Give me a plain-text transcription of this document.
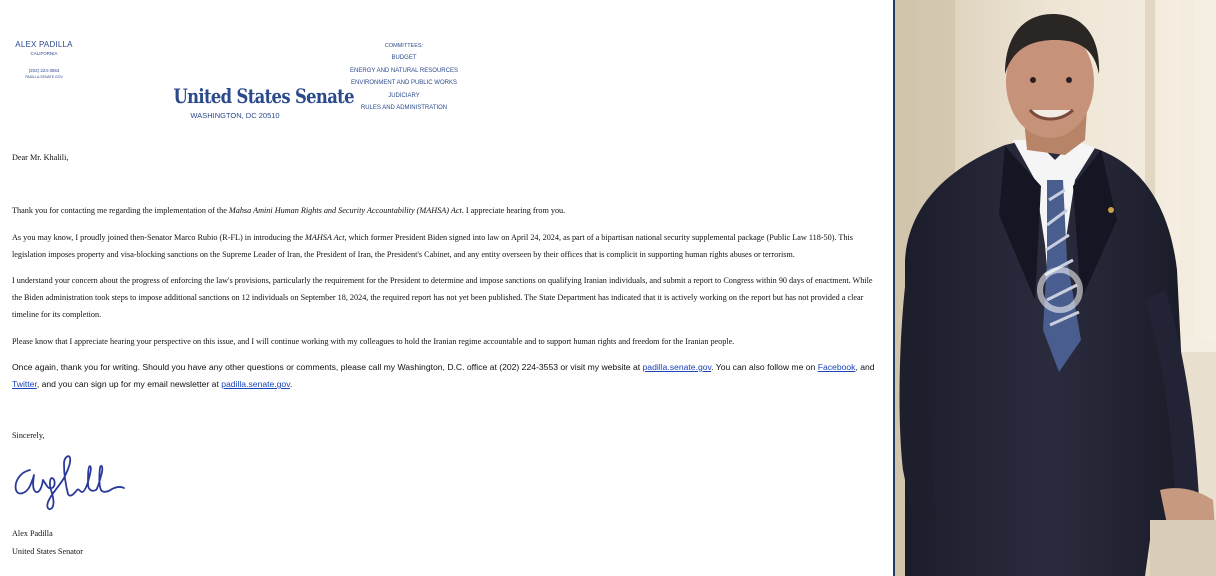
ALEX PADILLA
CALIFORNIA
(202) 224-3553
PADILLA.SENATE.GOV
United States Senate
WASHINGTON, DC 20510
COMMITTEES:
BUDGET
ENERGY AND NATURAL RESOURCES
ENVIRONMENT AND PUBLIC WORKS
JUDICIARY
RULES AND ADMINISTRATION
Dear Mr. Khalili,
Thank you for contacting me regarding the implementation of the Mahsa Amini Human Rights and Security Accountability (MAHSA) Act. I appreciate hearing from you.
As you may know, I proudly joined then-Senator Marco Rubio (R-FL) in introducing the MAHSA Act, which former President Biden signed into law on April 24, 2024, as part of a bipartisan national security supplemental package (Public Law 118-50). This legislation imposes property and visa-blocking sanctions on the Supreme Leader of Iran, the President of Iran, the President's Cabinet, and any entity overseen by their offices that is complicit in supporting human rights abuses or terrorism.
I understand your concern about the progress of enforcing the law's provisions, particularly the requirement for the President to determine and impose sanctions on qualifying Iranian individuals, and submit a report to Congress within 90 days of enactment. While the Biden administration took steps to impose additional sanctions on 12 individuals on September 18, 2024, the required report has not yet been published. The State Department has indicated that it is actively working on the report but has not provided a clear timeline for its completion.
Please know that I appreciate hearing your perspective on this issue, and I will continue working with my colleagues to hold the Iranian regime accountable and to support human rights and freedom for the Iranian people.
Once again, thank you for writing. Should you have any other questions or comments, please call my Washington, D.C. office at (202) 224-3553 or visit my website at padilla.senate.gov. You can also follow me on Facebook, and Twitter, and you can sign up for my email newsletter at padilla.senate.gov.
Sincerely,
Alex Padilla
United States Senator
